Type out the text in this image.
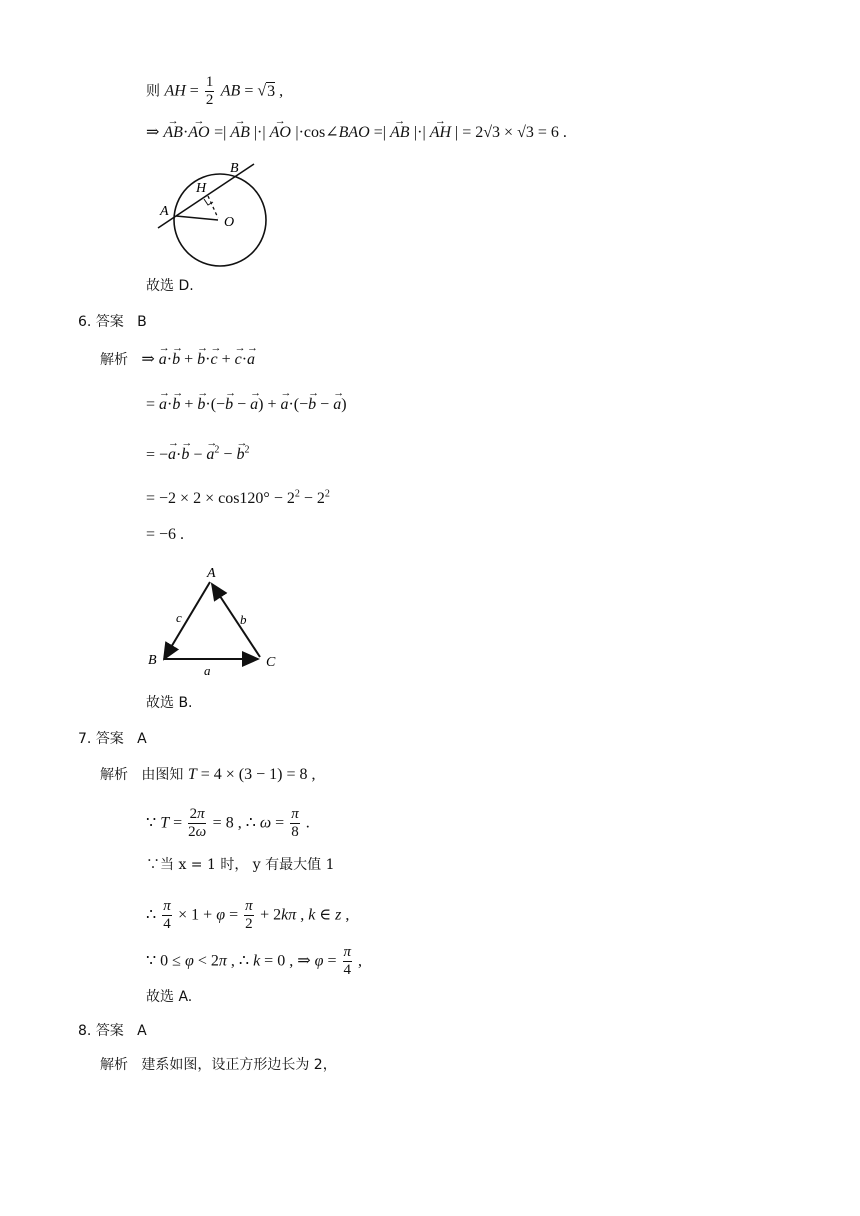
则 AH = $\frac{1}{2}$ AB = √3 ,
⇒ → AB·→ AO =| → AB |·| → AO |·cos∠BAO =| → AB |·| → AH | = 2√3 × √3 = 6 .
A
B
H
O
故选 D.
6. 答案 B
解析 ⇒ → a·→ b + → b·→ c + → c·→ a
= → a·→ b + → b·(−→ b − → a) + → a·(−→ b − → a)
= −→ a·→ b − → $a^2$ − → $b^2$
= $-2 \times 2 \times \cos 120^\circ - 2^2 - 2^2$
= −6 .
A
B	C
c	b
a
故选 B.
7. 答案 A
解析 由图知 T = 4 × (3 − 1) = 8 ,
∵ $T = \frac{2\pi}{2\omega} = 8$ , ∴ $\omega = \frac{\pi}{8}$ .
∵当 x = 1 时， y 有最大值 1
∴ $\frac{\pi}{4} \times 1 + \varphi = \frac{\pi}{2} + 2k\pi$ , k ∈ z ,
∵ 0 ≤ φ < 2π , ∴ k = 0 , ⇒ $\varphi = \frac{\pi}{4}$ ,
故选 A.
8. 答案 A
解析 建系如图，设正方形边长为 2，
